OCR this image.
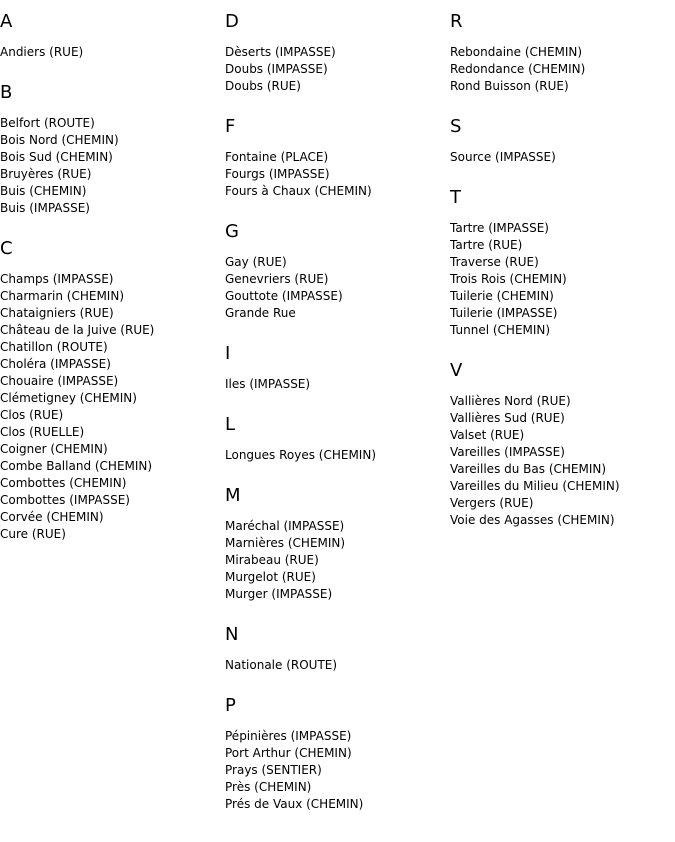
A
Andiers (RUE)
B
Belfort (ROUTE)
Bois Nord (CHEMIN)
Bois Sud (CHEMIN)
Bruyères (RUE)
Buis (CHEMIN)
Buis (IMPASSE)
C
Champs (IMPASSE)
Charmarin (CHEMIN)
Chataigniers (RUE)
Château de la Juive (RUE)
Chatillon (ROUTE)
Choléra (IMPASSE)
Chouaire (IMPASSE)
Clémetigney (CHEMIN)
Clos (RUE)
Clos (RUELLE)
Coigner (CHEMIN)
Combe Balland (CHEMIN)
Combottes (CHEMIN)
Combottes (IMPASSE)
Corvée (CHEMIN)
Cure (RUE)
D
Dèserts (IMPASSE)
Doubs (IMPASSE)
Doubs (RUE)
F
Fontaine (PLACE)
Fourgs (IMPASSE)
Fours à Chaux (CHEMIN)
G
Gay (RUE)
Genevriers (RUE)
Gouttote (IMPASSE)
Grande Rue
I
Iles (IMPASSE)
L
Longues Royes (CHEMIN)
M
Maréchal (IMPASSE)
Marnières (CHEMIN)
Mirabeau (RUE)
Murgelot (RUE)
Murger (IMPASSE)
N
Nationale (ROUTE)
P
Pépinières (IMPASSE)
Port Arthur (CHEMIN)
Prays (SENTIER)
Près (CHEMIN)
Prés de Vaux (CHEMIN)
R
Rebondaine (CHEMIN)
Redondance (CHEMIN)
Rond Buisson (RUE)
S
Source (IMPASSE)
T
Tartre (IMPASSE)
Tartre (RUE)
Traverse (RUE)
Trois Rois (CHEMIN)
Tuilerie (CHEMIN)
Tuilerie (IMPASSE)
Tunnel (CHEMIN)
V
Vallières Nord (RUE)
Vallières Sud (RUE)
Valset (RUE)
Vareilles (IMPASSE)
Vareilles du Bas (CHEMIN)
Vareilles du Milieu (CHEMIN)
Vergers (RUE)
Voie des Agasses (CHEMIN)
